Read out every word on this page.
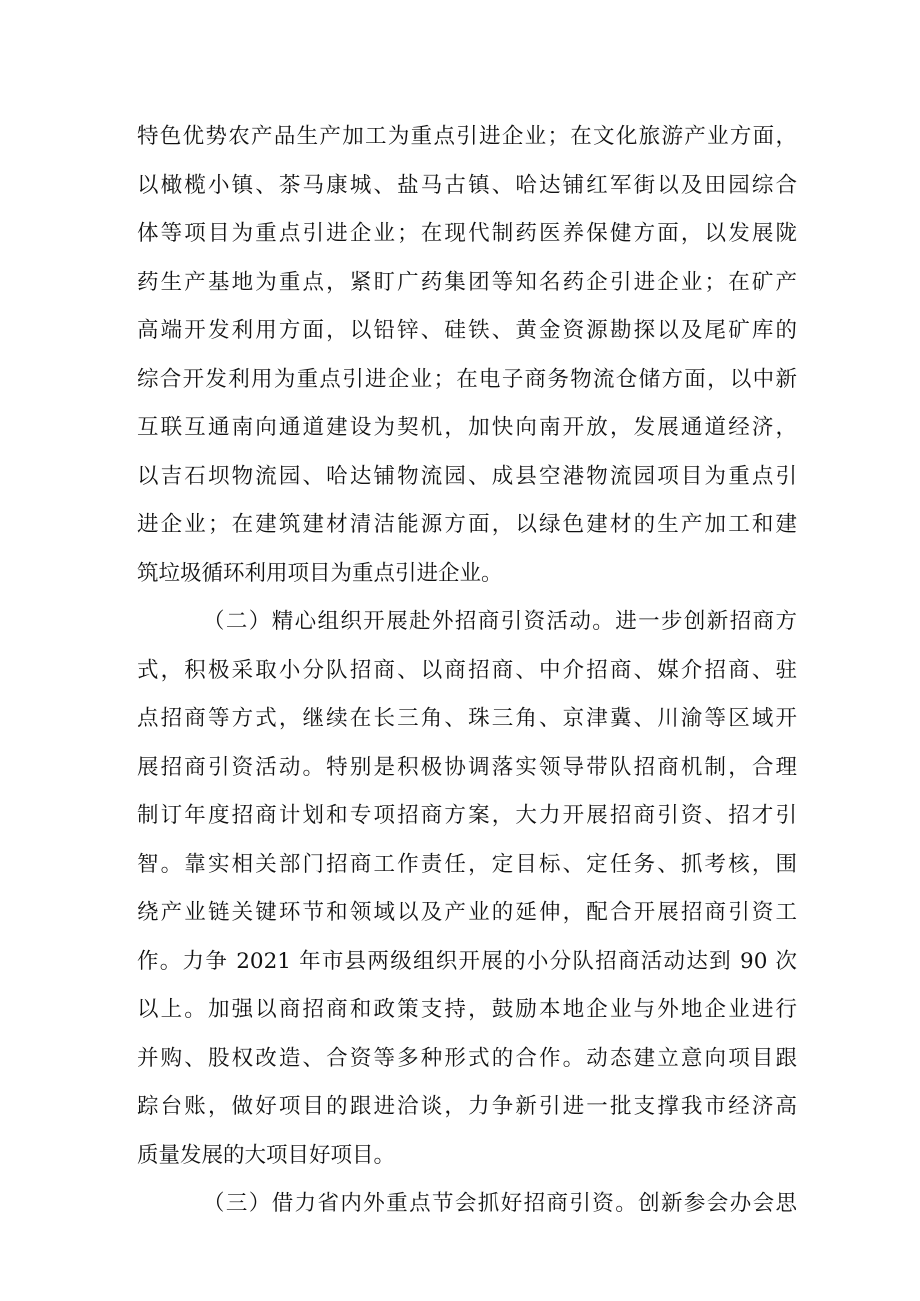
特色优势农产品生产加工为重点引进企业；在文化旅游产业方面，
以橄榄小镇、茶马康城、盐马古镇、哈达铺红军街以及田园综合
体等项目为重点引进企业；在现代制药医养保健方面，以发展陇
药生产基地为重点，紧盯广药集团等知名药企引进企业；在矿产
高端开发利用方面，以铅锌、硅铁、黄金资源勘探以及尾矿库的
综合开发利用为重点引进企业；在电子商务物流仓储方面，以中新
互联互通南向通道建设为契机，加快向南开放，发展通道经济，
以吉石坝物流园、哈达铺物流园、成县空港物流园项目为重点引
进企业；在建筑建材清洁能源方面，以绿色建材的生产加工和建
筑垃圾循环利用项目为重点引进企业。
（二）精心组织开展赴外招商引资活动。进一步创新招商方
式，积极采取小分队招商、以商招商、中介招商、媒介招商、驻
点招商等方式，继续在长三角、珠三角、京津冀、川渝等区域开
展招商引资活动。特别是积极协调落实领导带队招商机制，合理
制订年度招商计划和专项招商方案，大力开展招商引资、招才引
智。靠实相关部门招商工作责任，定目标、定任务、抓考核，围
绕产业链关键环节和领域以及产业的延伸，配合开展招商引资工
作。力争 2021 年市县两级组织开展的小分队招商活动达到 90 次
以上。加强以商招商和政策支持，鼓励本地企业与外地企业进行
并购、股权改造、合资等多种形式的合作。动态建立意向项目跟
踪台账，做好项目的跟进洽谈，力争新引进一批支撑我市经济高
质量发展的大项目好项目。
（三）借力省内外重点节会抓好招商引资。创新参会办会思
